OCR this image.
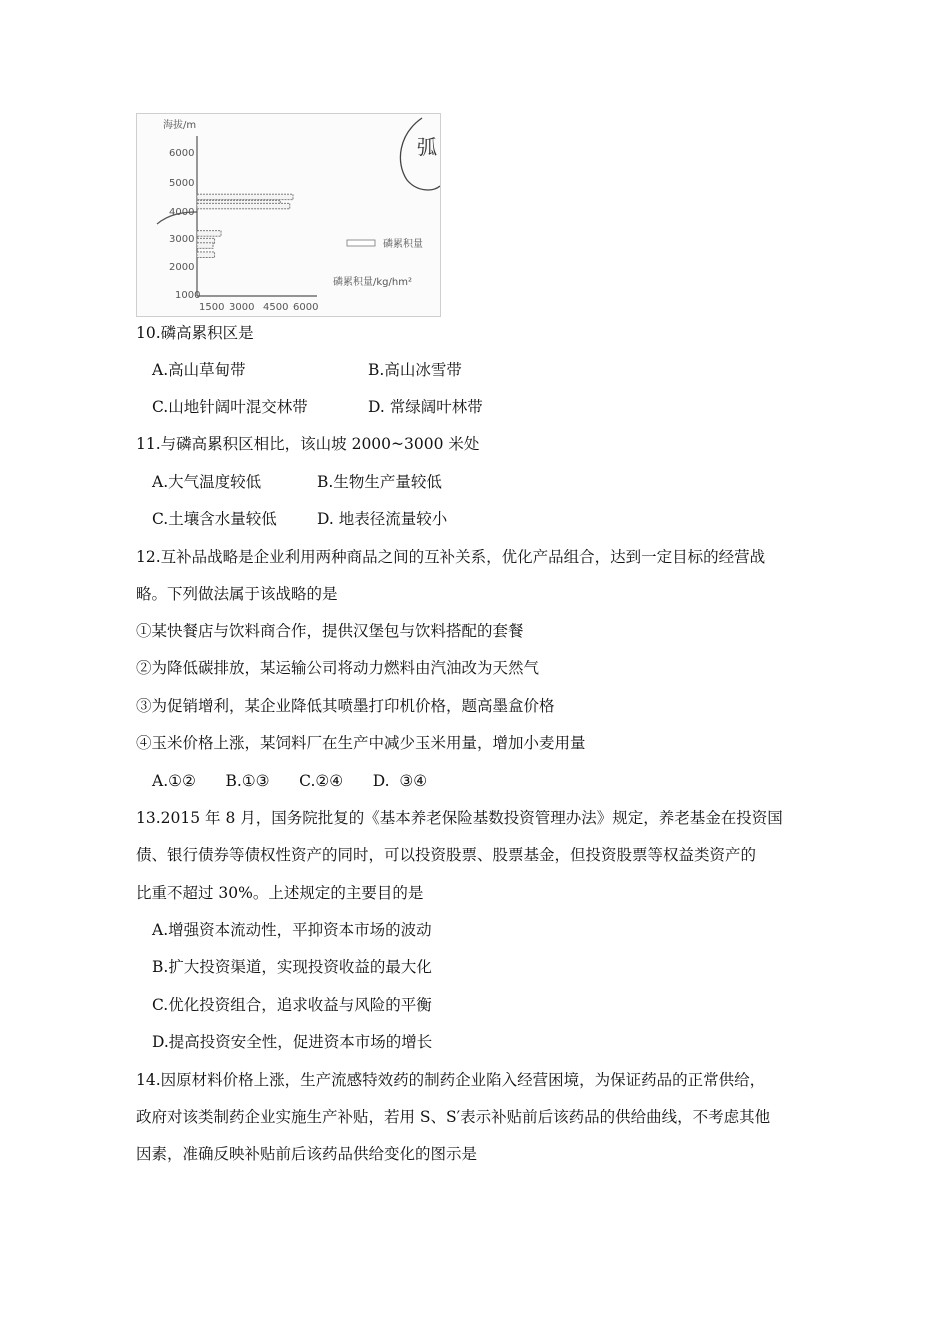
弧
海拔/m
6000
5000
4000
3000
2000
1000
1500 3000 4500 6000
磷累积量
磷累积量/kg/hm²
10.磷高累积区是
A.高山草甸带	B.高山冰雪带
C.山地针阔叶混交林带	D. 常绿阔叶林带
11.与磷高累积区相比，该山坡 2000~3000 米处
A.大气温度较低	B.生物生产量较低
C.土壤含水量较低	D. 地表径流量较小
12.互补品战略是企业利用两种商品之间的互补关系，优化产品组合，达到一定目标的经营战
略。下列做法属于该战略的是
①某快餐店与饮料商合作，提供汉堡包与饮料搭配的套餐
②为降低碳排放，某运输公司将动力燃料由汽油改为天然气
③为促销增利，某企业降低其喷墨打印机价格，题高墨盒价格
④玉米价格上涨，某饲料厂在生产中减少玉米用量，增加小麦用量
A.①②      B.①③      C.②④      D.  ③④
13.2015 年 8 月，国务院批复的《基本养老保险基数投资管理办法》规定，养老基金在投资国
债、银行债券等债权性资产的同时，可以投资股票、股票基金，但投资股票等权益类资产的
比重不超过 30%。上述规定的主要目的是
A.增强资本流动性，平抑资本市场的波动
B.扩大投资渠道，实现投资收益的最大化
C.优化投资组合，追求收益与风险的平衡
D.提高投资安全性，促进资本市场的增长
14.因原材料价格上涨，生产流感特效药的制药企业陷入经营困境，为保证药品的正常供给，
政府对该类制药企业实施生产补贴，若用 S、S′表示补贴前后该药品的供给曲线，不考虑其他
因素，准确反映补贴前后该药品供给变化的图示是
